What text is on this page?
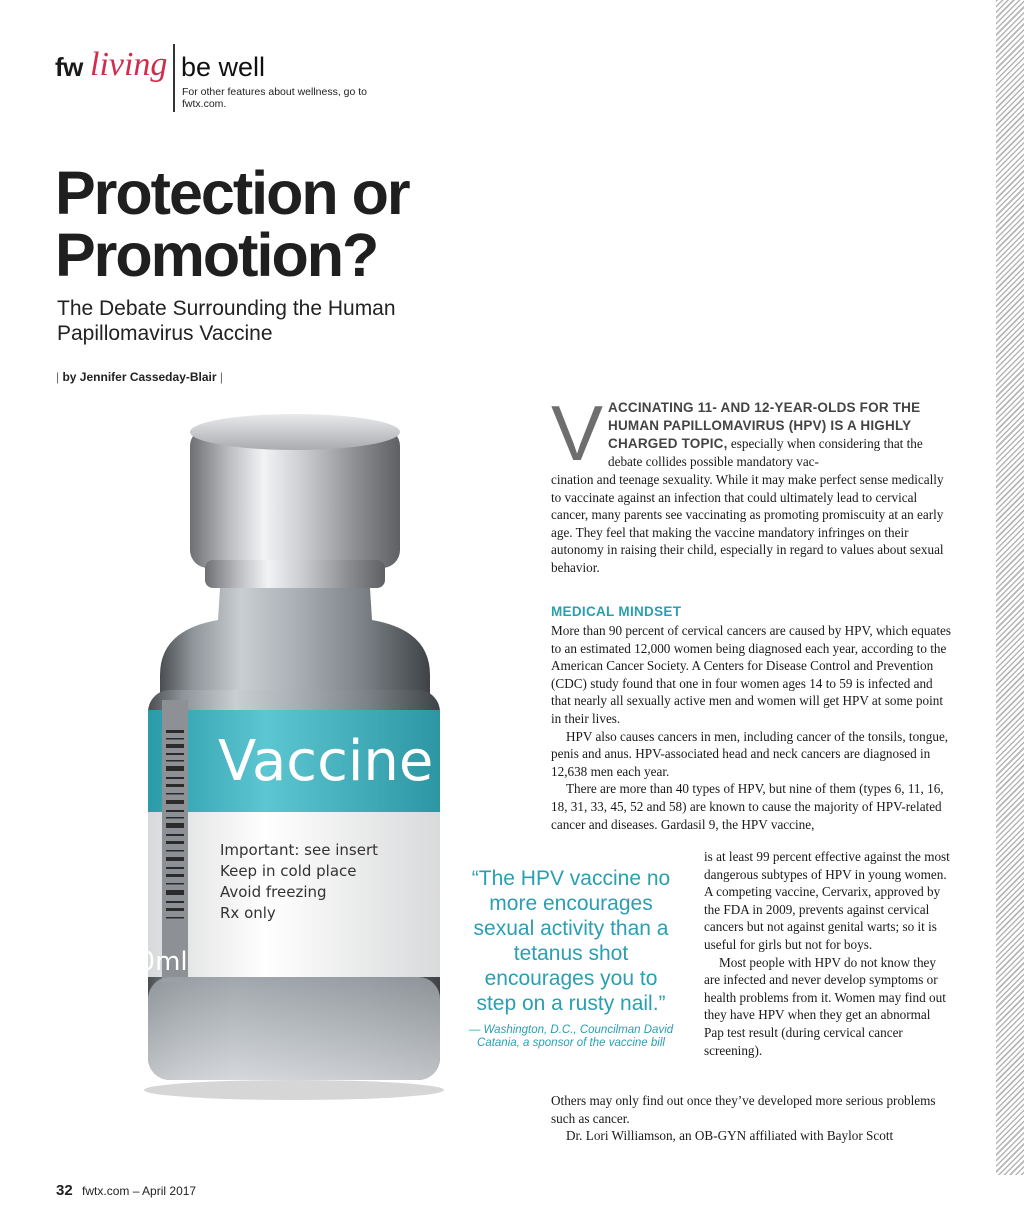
fw living be well
For other features about wellness, go to fwtx.com.
Protection or
Promotion?
The Debate Surrounding the Human Papillomavirus Vaccine
| by Jennifer Casseday-Blair |
Vaccine
Important: see insert
Keep in cold place
Avoid freezing
Rx only
20ml
“The HPV vaccine no more encourages sexual activity than a tetanus shot encourages you to step on a rusty nail.”
— Washington, D.C., Councilman David Catania, a sponsor of the vaccine bill
V ACCINATING 11- AND 12-YEAR-OLDS FOR THE HUMAN PAPILLOMAVIRUS (HPV) IS A HIGHLY CHARGED TOPIC, especially when considering that the debate collides possible mandatory vac-
cination and teenage sexuality. While it may make perfect sense medically to vaccinate against an infection that could ultimately lead to cervical cancer, many parents see vaccinating as promoting promiscuity at an early age. They feel that making the vaccine mandatory infringes on their autonomy in raising their child, especially in regard to values about sexual behavior.
MEDICAL MINDSET

More than 90 percent of cervical cancers are caused by HPV, which equates to an estimated 12,000 women being diagnosed each year, according to the American Cancer Society. A Centers for Disease Control and Prevention (CDC) study found that one in four women ages 14 to 59 is infected and that nearly all sexually active men and women will get HPV at some point in their lives.

HPV also causes cancers in men, including cancer of the tonsils, tongue, penis and anus. HPV-associated head and neck cancers are diagnosed in 12,638 men each year.

There are more than 40 types of HPV, but nine of them (types 6, 11, 16, 18, 31, 33, 45, 52 and 58) are known to cause the majority of HPV-related cancer and diseases. Gardasil 9, the HPV vaccine,

is at least 99 percent effective against the most dangerous subtypes of HPV in young women. A competing vaccine, Cervarix, approved by the FDA in 2009, prevents against cervical cancers but not against genital warts; so it is useful for girls but not for boys.

Most people with HPV do not know they are infected and never develop symptoms or health problems from it. Women may find out they have HPV when they get an abnormal Pap test result (during cervical cancer screening).

Others may only find out once they’ve developed more serious problems such as cancer.

Dr. Lori Williamson, an OB-GYN affiliated with Baylor Scott

32 fwtx.com – April 2017
